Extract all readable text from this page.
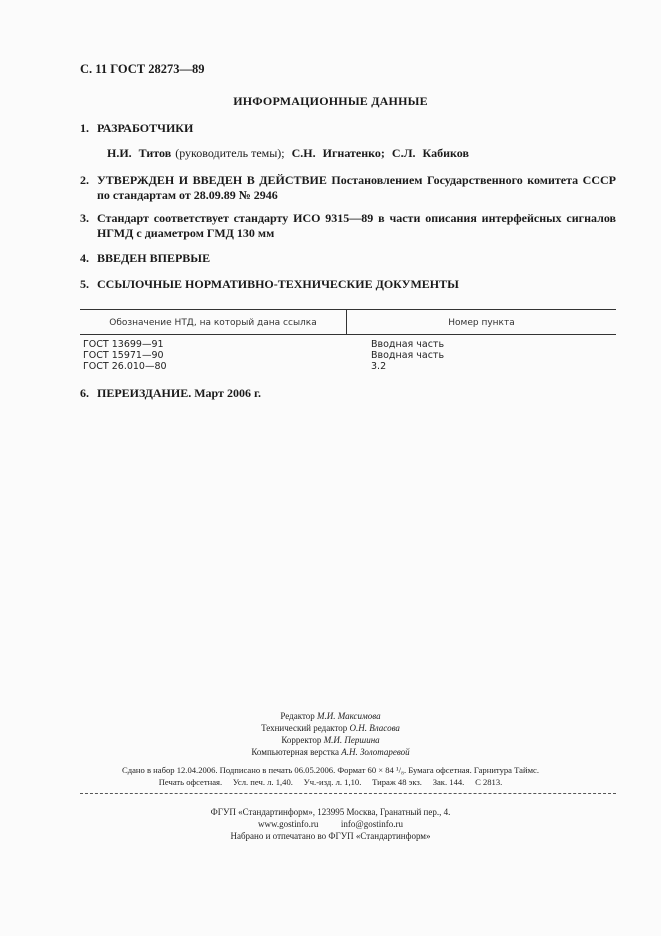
С. 11 ГОСТ 28273—89
ИНФОРМАЦИОННЫЕ ДАННЫЕ
1. РАЗРАБОТЧИКИ
Н.И. Титов (руководитель темы); С.Н. Игнатенко; С.Л. Кабиков
2. УТВЕРЖДЕН И ВВЕДЕН В ДЕЙСТВИЕ Постановлением Государственного комитета СССР по стандартам от 28.09.89 № 2946
3. Стандарт соответствует стандарту ИСО 9315—89 в части описания интерфейсных сигналов НГМД с диаметром ГМД 130 мм
4. ВВЕДЕН ВПЕРВЫЕ
5. ССЫЛОЧНЫЕ НОРМАТИВНО-ТЕХНИЧЕСКИЕ ДОКУМЕНТЫ
Обозначение НТД, на который дана ссылка	Номер пункта
ГОСТ 13699—91	Вводная часть
ГОСТ 15971—90	Вводная часть
ГОСТ 26.010—80	3.2
6. ПЕРЕИЗДАНИЕ. Март 2006 г.
Редактор М.И. Максимова
Технический редактор О.Н. Власова
Корректор М.И. Першина
Компьютерная верстка А.Н. Золотаревой
Сдано в набор 12.04.2006. Подписано в печать 06.05.2006. Формат 60 × 84 ¹/₈. Бумага офсетная. Гарнитура Таймс.
Печать офсетная.     Усл. печ. л. 1,40.     Уч.-изд. л. 1,10.     Тираж 48 экз.     Зак. 144.     С 2813.
ФГУП «Стандартинформ», 123995 Москва, Гранатный пер., 4.
www.gostinfo.ru          info@gostinfo.ru
Набрано и отпечатано во ФГУП «Стандартинформ»
